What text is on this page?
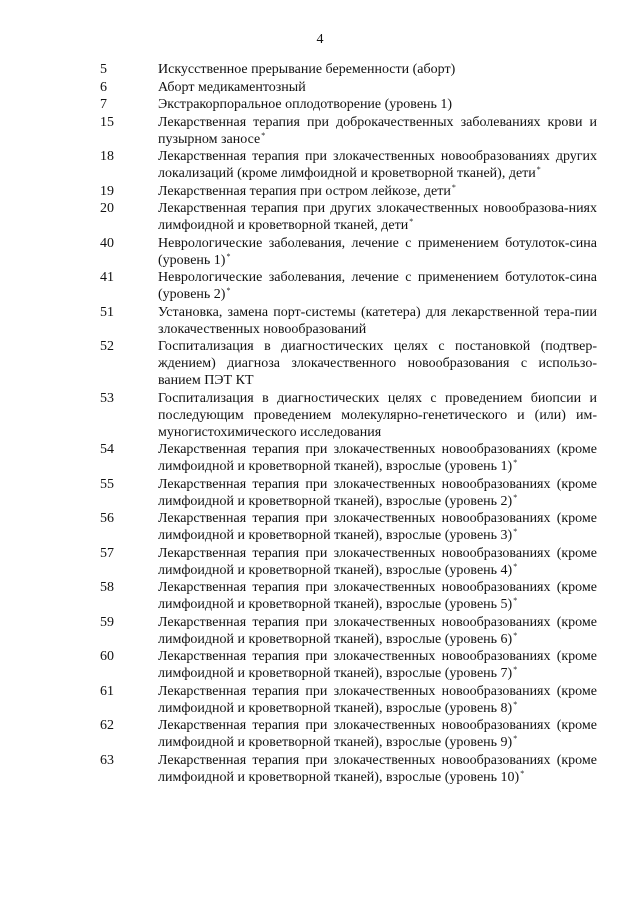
4
5	Искусственное прерывание беременности (аборт)
6	Аборт медикаментозный
7	Экстракорпоральное оплодотворение (уровень 1)
15	Лекарственная терапия при доброкачественных заболеваниях крови и пузырном заносе*
18	Лекарственная терапия при злокачественных новообразованиях других локализаций (кроме лимфоидной и кроветворной тканей), дети*
19	Лекарственная терапия при остром лейкозе, дети*
20	Лекарственная терапия при других злокачественных новообразова-ниях лимфоидной и кроветворной тканей, дети*
40	Неврологические заболевания, лечение с применением ботулоток-сина (уровень 1)*
41	Неврологические заболевания, лечение с применением ботулоток-сина (уровень 2)*
51	Установка, замена порт-системы (катетера) для лекарственной тера-пии злокачественных новообразований
52	Госпитализация в диагностических целях с постановкой (подтвер-ждением) диагноза злокачественного новообразования с использо-ванием ПЭТ КТ
53	Госпитализация в диагностических целях с проведением биопсии и последующим проведением молекулярно-генетического и (или) им-муногистохимического исследования
54	Лекарственная терапия при злокачественных новообразованиях (кроме лимфоидной и кроветворной тканей), взрослые (уровень 1)*
55	Лекарственная терапия при злокачественных новообразованиях (кроме лимфоидной и кроветворной тканей), взрослые (уровень 2)*
56	Лекарственная терапия при злокачественных новообразованиях (кроме лимфоидной и кроветворной тканей), взрослые (уровень 3)*
57	Лекарственная терапия при злокачественных новообразованиях (кроме лимфоидной и кроветворной тканей), взрослые (уровень 4)*
58	Лекарственная терапия при злокачественных новообразованиях (кроме лимфоидной и кроветворной тканей), взрослые (уровень 5)*
59	Лекарственная терапия при злокачественных новообразованиях (кроме лимфоидной и кроветворной тканей), взрослые (уровень 6)*
60	Лекарственная терапия при злокачественных новообразованиях (кроме лимфоидной и кроветворной тканей), взрослые (уровень 7)*
61	Лекарственная терапия при злокачественных новообразованиях (кроме лимфоидной и кроветворной тканей), взрослые (уровень 8)*
62	Лекарственная терапия при злокачественных новообразованиях (кроме лимфоидной и кроветворной тканей), взрослые (уровень 9)*
63	Лекарственная терапия при злокачественных новообразованиях (кроме лимфоидной и кроветворной тканей), взрослые (уровень 10)*
